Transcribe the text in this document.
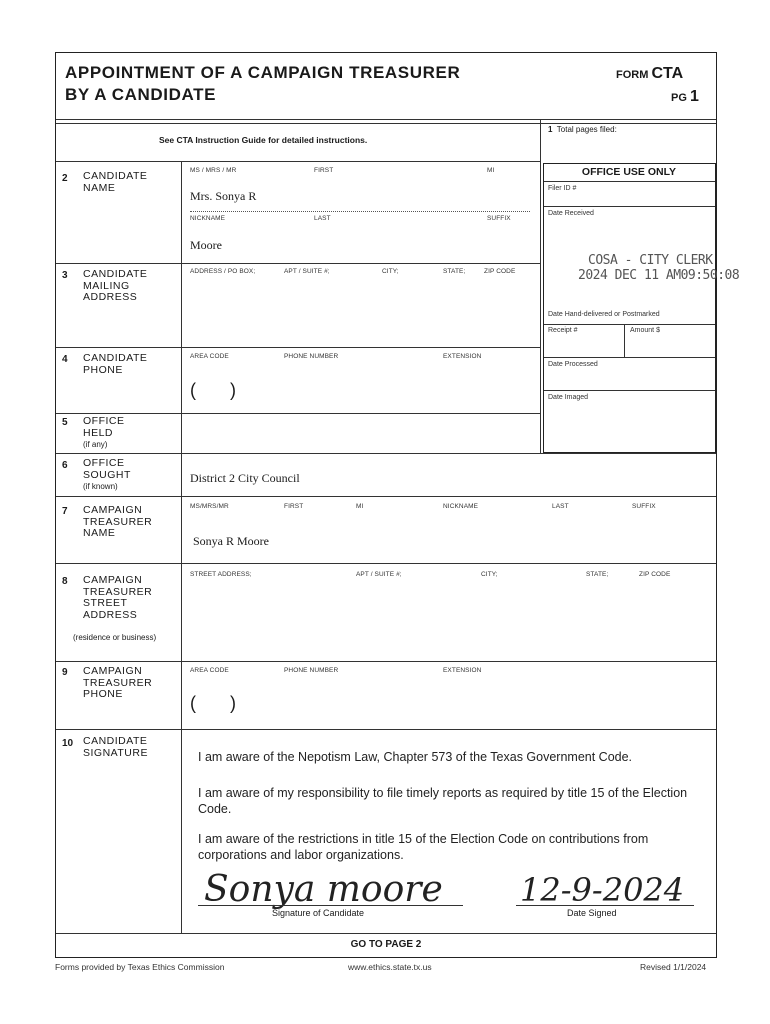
APPOINTMENT OF A CAMPAIGN TREASURER
BY A CANDIDATE
FORM CTA
PG 1
See CTA Instruction Guide for detailed instructions.
1 Total pages filed:
OFFICE USE ONLY
Filer ID #
Date Received
COSA - CITY CLERK
2024 DEC 11 AM09:50:08
Date Hand-delivered or Postmarked
Receipt #	Amount $
Date Processed
Date Imaged
2 CANDIDATE
NAME
MS / MRS / MR	FIRST	MI
Mrs. Sonya R
NICKNAME	LAST	SUFFIX
Moore
3 CANDIDATE
MAILING
ADDRESS
ADDRESS / PO BOX;	APT / SUITE #;	CITY;	STATE;	ZIP CODE
4 CANDIDATE
PHONE
AREA CODE	PHONE NUMBER	EXTENSION
( )
5 OFFICE
HELD
(if any)
6 OFFICE
SOUGHT
(if known)
District 2 City Council
7 CAMPAIGN
TREASURER
NAME
MS/MRS/MR	FIRST	MI	NICKNAME	LAST	SUFFIX
Sonya R Moore
8 CAMPAIGN
TREASURER
STREET
ADDRESS
(residence or business)
STREET ADDRESS;	APT / SUITE #;	CITY;	STATE;	ZIP CODE
9 CAMPAIGN
TREASURER
PHONE
AREA CODE	PHONE NUMBER	EXTENSION
( )
10 CANDIDATE
SIGNATURE	I am aware of the Nepotism Law, Chapter 573 of the Texas Government Code.
I am aware of my responsibility to file timely reports as required by title 15 of the Election Code.
I am aware of the restrictions in title 15 of the Election Code on contributions from corporations and labor organizations.
Sonya moore
Signature of Candidate
12-9-2024
Date Signed
GO TO PAGE 2
Forms provided by Texas Ethics Commission	www.ethics.state.tx.us	Revised 1/1/2024
